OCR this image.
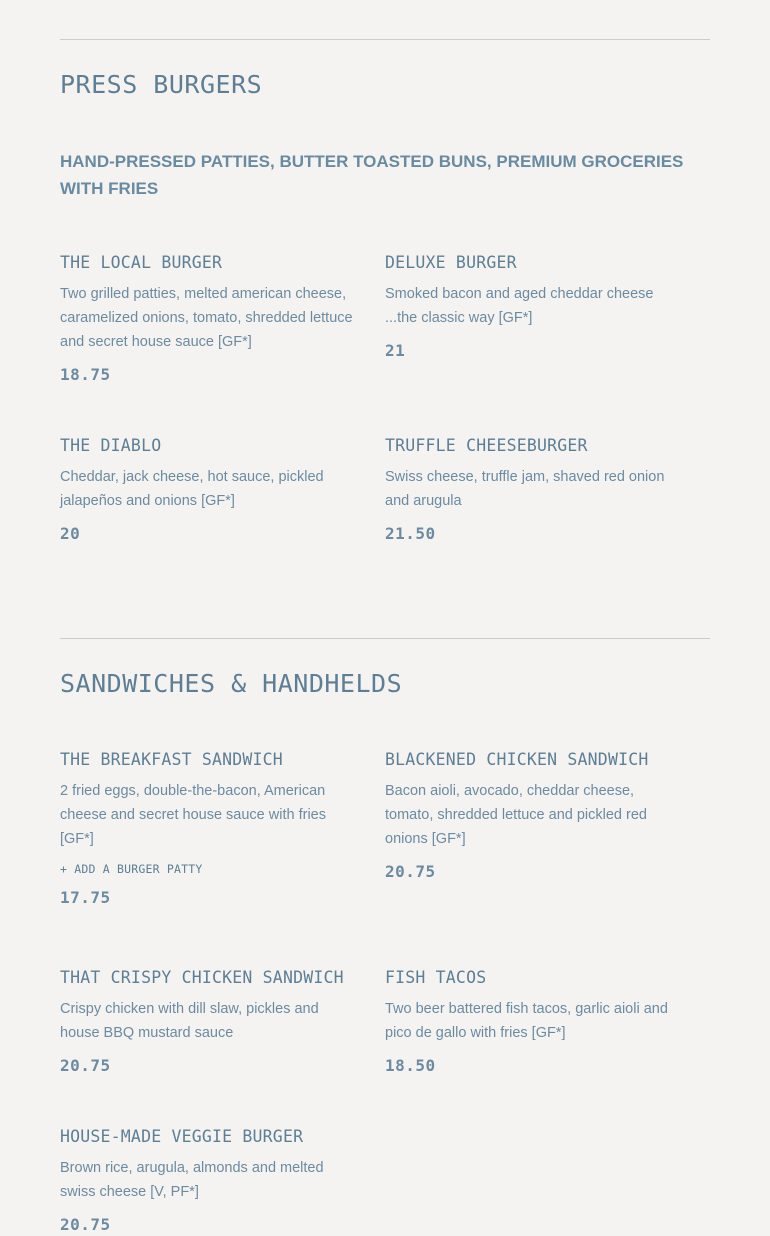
PRESS BURGERS

HAND-PRESSED PATTIES, BUTTER TOASTED BUNS, PREMIUM GROCERIES WITH FRIES

THE LOCAL BURGER
Two grilled patties, melted american cheese, caramelized onions, tomato, shredded lettuce and secret house sauce [GF*]
18.75
DELUXE BURGER
Smoked bacon and aged cheddar cheese ...the classic way [GF*]
21
THE DIABLO
Cheddar, jack cheese, hot sauce, pickled jalapeños and onions [GF*]
20
TRUFFLE CHEESEBURGER
Swiss cheese, truffle jam, shaved red onion and arugula
21.50
SANDWICHES & HANDHELDS
THE BREAKFAST SANDWICH
2 fried eggs, double-the-bacon, American cheese and secret house sauce with fries [GF*]
+ ADD A BURGER PATTY
17.75
BLACKENED CHICKEN SANDWICH
Bacon aioli, avocado, cheddar cheese, tomato, shredded lettuce and pickled red onions [GF*]
20.75
THAT CRISPY CHICKEN SANDWICH
Crispy chicken with dill slaw, pickles and house BBQ mustard sauce
20.75
FISH TACOS
Two beer battered fish tacos, garlic aioli and pico de gallo with fries [GF*]
18.50
HOUSE-MADE VEGGIE BURGER
Brown rice, arugula, almonds and melted swiss cheese [V, PF*]
20.75
